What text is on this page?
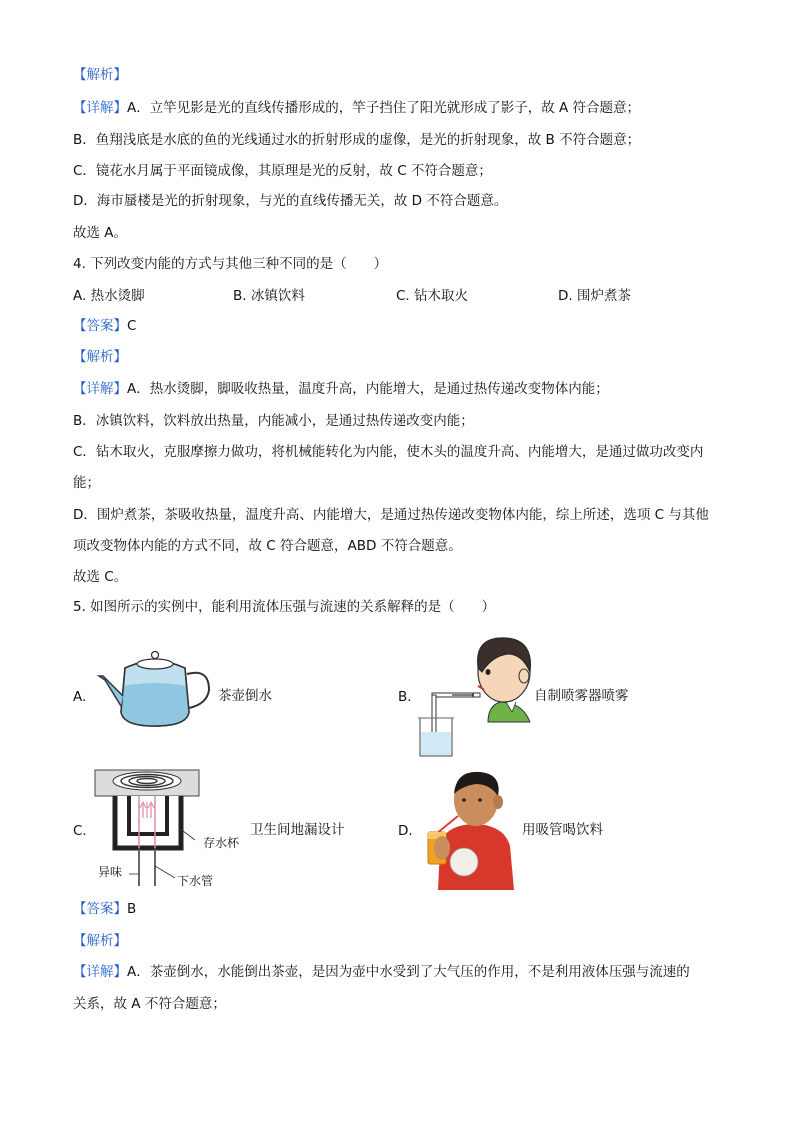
【解析】
【详解】A．立竿见影是光的直线传播形成的，竿子挡住了阳光就形成了影子，故 A 符合题意；
B．鱼翔浅底是水底的鱼的光线通过水的折射形成的虚像，是光的折射现象，故 B 不符合题意；
C．镜花水月属于平面镜成像，其原理是光的反射，故 C 不符合题意；
D．海市蜃楼是光的折射现象，与光的直线传播无关，故 D 不符合题意。
故选 A。
4. 下列改变内能的方式与其他三种不同的是（　　）
A. 热水烫脚	B. 冰镇饮料	C. 钻木取火	D. 围炉煮茶
【答案】C
【解析】
【详解】A．热水烫脚，脚吸收热量，温度升高，内能增大，是通过热传递改变物体内能；
B．冰镇饮料，饮料放出热量，内能减小，是通过热传递改变内能；
C．钻木取火，克服摩擦力做功，将机械能转化为内能，使木头的温度升高、内能增大，是通过做功改变内
能；
D．围炉煮茶，茶吸收热量，温度升高、内能增大，是通过热传递改变物体内能，综上所述，选项 C 与其他
项改变物体内能的方式不同，故 C 符合题意，ABD 不符合题意。
故选 C。
5. 如图所示的实例中，能利用流体压强与流速的关系解释的是（　　）
A.	茶壶倒水	B.	自制喷雾器喷雾
C.
存水杯
异味
下水管
卫生间地漏设计	D.	用吸管喝饮料
【答案】B
【解析】
【详解】A．茶壶倒水，水能倒出茶壶，是因为壶中水受到了大气压的作用，不是利用液体压强与流速的
关系，故 A 不符合题意；
